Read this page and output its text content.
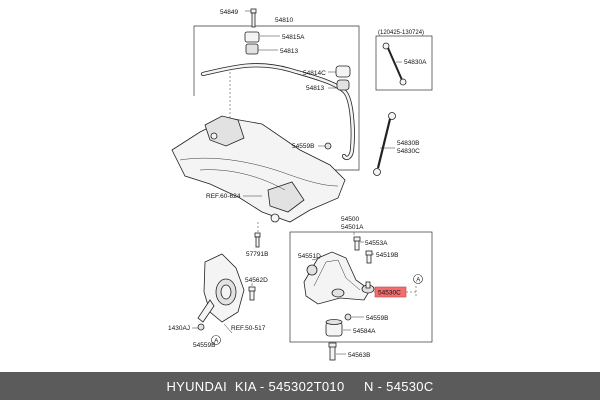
54849
54810
54815A
54813
54814C
54813
(120425-130724)
54830A
54559B	54830B
54830C
REF.60-624
57791B
54500
54501A
54553A
54551D	54519B
54530C
54562D
54559B
54584A
1430AJ	REF.50-517
54559B
54563B
A
A
HYUNDAI  KIA - 545302T010     N - 54530C
